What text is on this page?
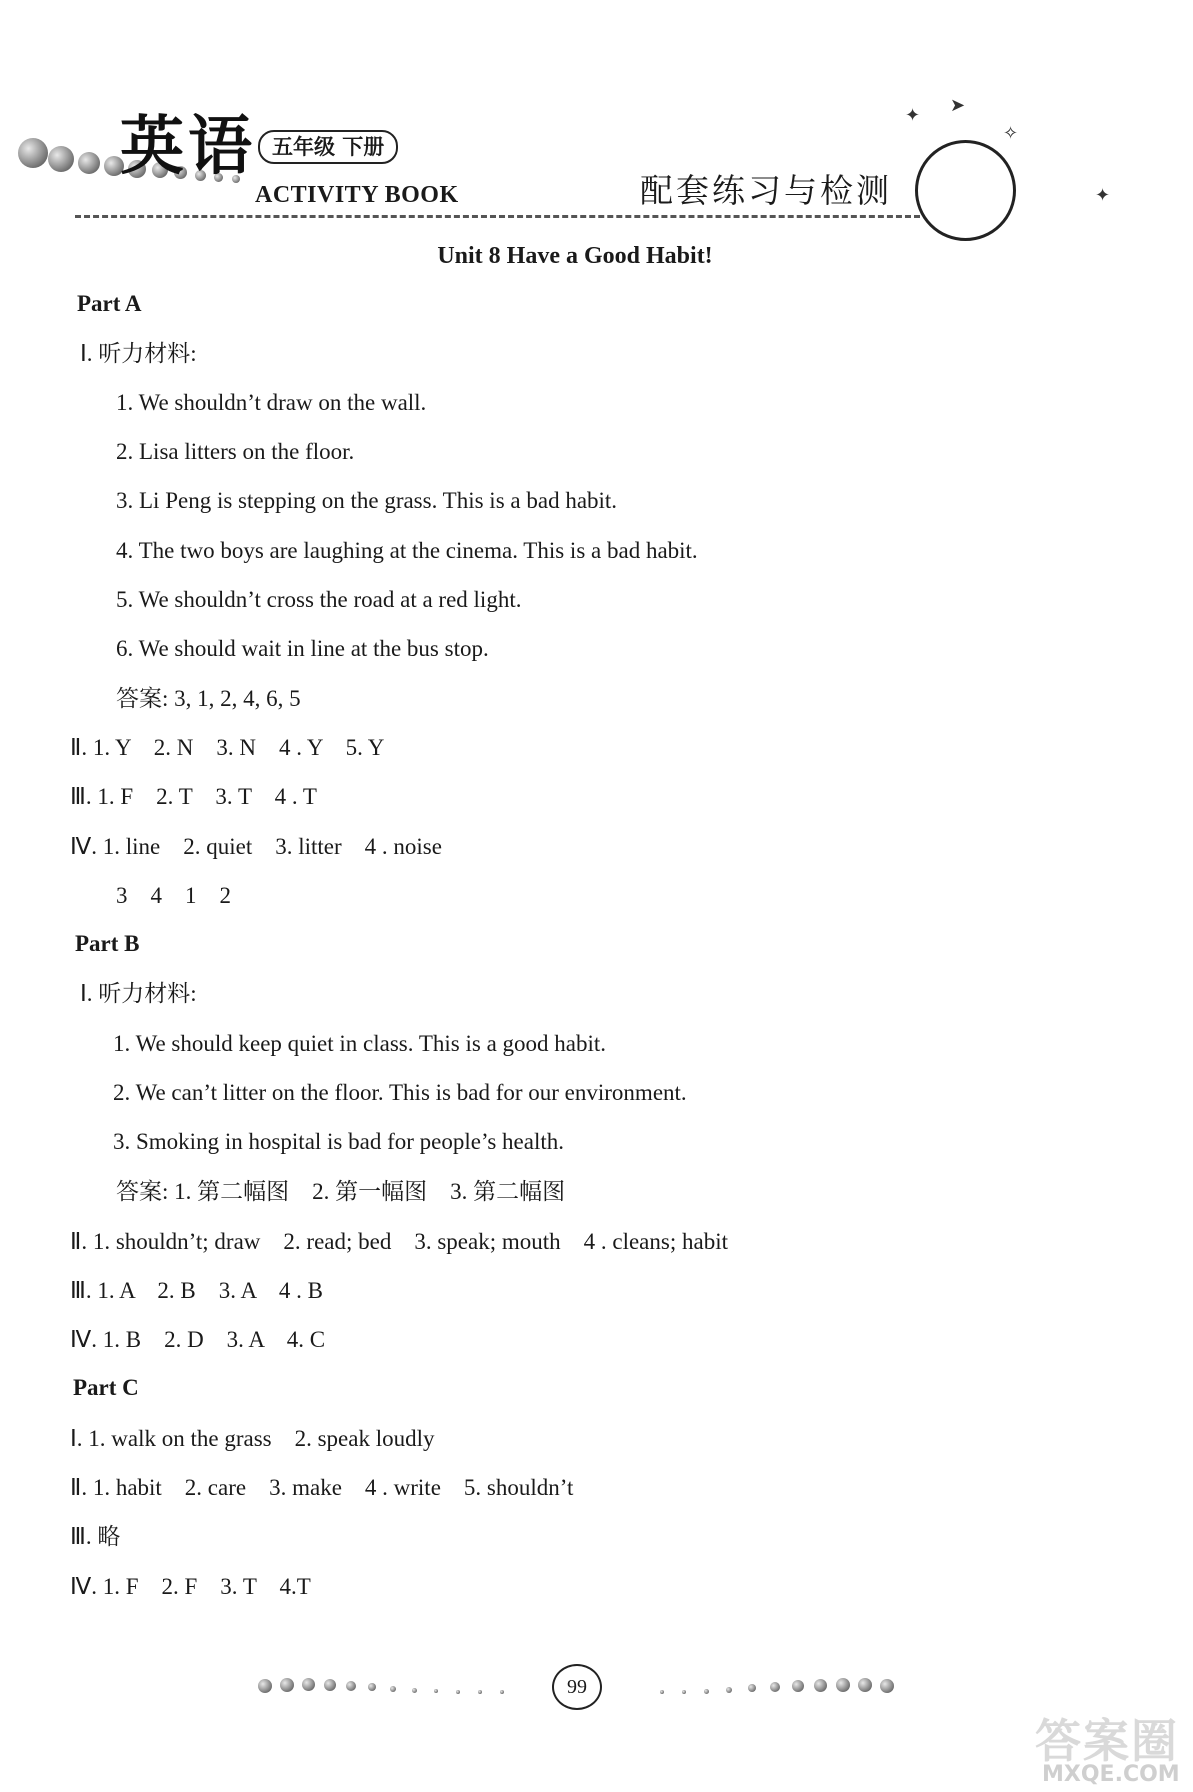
英语 五年级 下册
ACTIVITY BOOK	配套练习与检测
✦ ➤
✧
✦
Unit 8 Have a Good Habit!
Part A
Ⅰ. 听力材料:
1. We shouldn’t draw on the wall.
2. Lisa litters on the floor.
3. Li Peng is stepping on the grass. This is a bad habit.
4. The two boys are laughing at the cinema. This is a bad habit.
5. We shouldn’t cross the road at a red light.
6. We should wait in line at the bus stop.
答案: 3, 1, 2, 4, 6, 5
Ⅱ. 1. Y    2. N    3. N    4 . Y    5. Y
Ⅲ. 1. F    2. T    3. T    4 . T
Ⅳ. 1. line    2. quiet    3. litter    4 . noise
3    4    1    2
Part B
Ⅰ. 听力材料:
1. We should keep quiet in class. This is a good habit.
2. We can’t litter on the floor. This is bad for our environment.
3. Smoking in hospital is bad for people’s health.
答案: 1. 第二幅图    2. 第一幅图    3. 第二幅图
Ⅱ. 1. shouldn’t; draw    2. read; bed    3. speak; mouth    4 . cleans; habit
Ⅲ. 1. A    2. B    3. A    4 . B
Ⅳ. 1. B    2. D    3. A    4. C
Part C
Ⅰ. 1. walk on the grass    2. speak loudly
Ⅱ. 1. habit    2. care    3. make    4 . write    5. shouldn’t
Ⅲ. 略
Ⅳ. 1. F    2. F    3. T    4.T
99
答案圈
MXQE.COM
